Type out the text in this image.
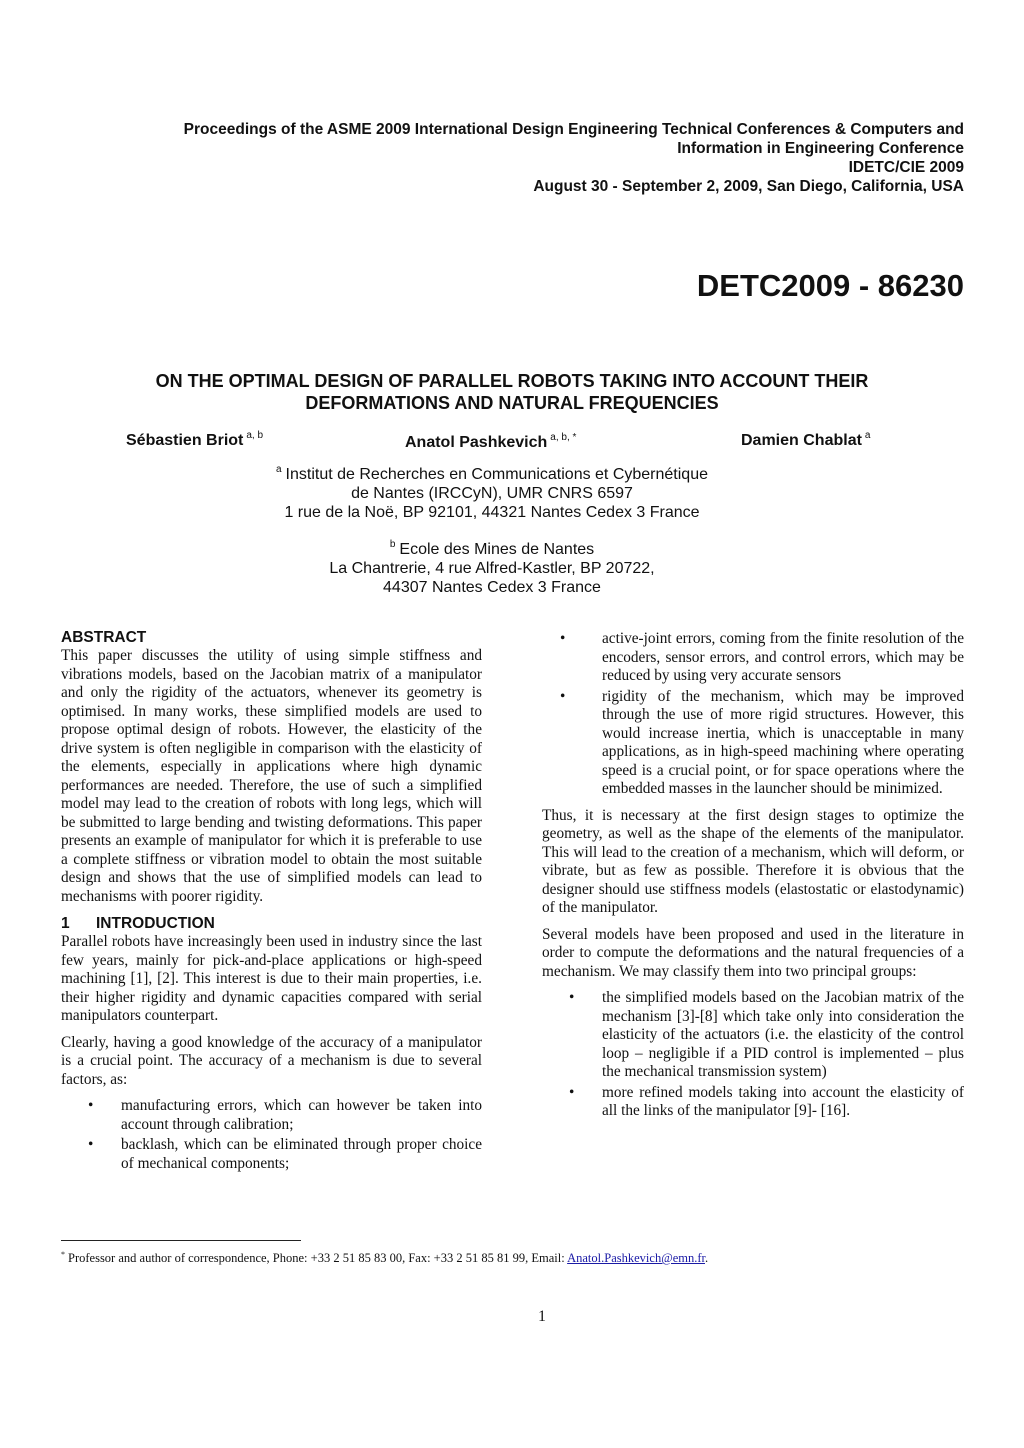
Proceedings of the ASME 2009 International Design Engineering Technical Conferences & Computers and
Information in Engineering Conference
IDETC/CIE 2009
August 30 - September 2, 2009, San Diego, California, USA
DETC2009 - 86230
ON THE OPTIMAL DESIGN OF PARALLEL ROBOTS TAKING INTO ACCOUNT THEIR
DEFORMATIONS AND NATURAL FREQUENCIES
Sébastien Briot $^{a, b}$	Anatol Pashkevich $^{a, b, *}$	Damien Chablat $^a$
$^a$ Institut de Recherches en Communications et Cybernétique
de Nantes (IRCCyN), UMR CNRS 6597
1 rue de la Noë, BP 92101, 44321 Nantes Cedex 3 France
$^b$ Ecole des Mines de Nantes
La Chantrerie, 4 rue Alfred-Kastler, BP 20722,
44307 Nantes Cedex 3 France
ABSTRACT

This paper discusses the utility of using simple stiffness and vibrations models, based on the Jacobian matrix of a manipulator and only the rigidity of the actuators, whenever its geometry is optimised. In many works, these simplified models are used to propose optimal design of robots. However, the elasticity of the drive system is often negligible in comparison with the elasticity of the elements, especially in applications where high dynamic performances are needed. Therefore, the use of such a simplified model may lead to the creation of robots with long legs, which will be submitted to large bending and twisting deformations. This paper presents an example of manipulator for which it is preferable to use a complete stiffness or vibration model to obtain the most suitable design and shows that the use of simplified models can lead to mechanisms with poorer rigidity.

1 INTRODUCTION

Parallel robots have increasingly been used in industry since the last few years, mainly for pick-and-place applications or high-speed machining [1], [2]. This interest is due to their main properties, i.e. their higher rigidity and dynamic capacities compared with serial manipulators counterpart.

Clearly, having a good knowledge of the accuracy of a manipulator is a crucial point. The accuracy of a mechanism is due to several factors, as:

• manufacturing errors, which can however be taken into account through calibration;
• backlash, which can be eliminated through proper choice of mechanical components;
• active-joint errors, coming from the finite resolution of the encoders, sensor errors, and control errors, which may be reduced by using very accurate sensors
• rigidity of the mechanism, which may be improved through the use of more rigid structures. However, this would increase inertia, which is unacceptable in many applications, as in high-speed machining where operating speed is a crucial point, or for space operations where the embedded masses in the launcher should be minimized.

Thus, it is necessary at the first design stages to optimize the geometry, as well as the shape of the elements of the manipulator. This will lead to the creation of a mechanism, which will deform, or vibrate, but as few as possible. Therefore it is obvious that the designer should use stiffness models (elastostatic or elastodynamic) of the manipulator.

Several models have been proposed and used in the literature in order to compute the deformations and the natural frequencies of a mechanism. We may classify them into two principal groups:

• the simplified models based on the Jacobian matrix of the mechanism [3]-[8] which take only into consideration the elasticity of the actuators (i.e. the elasticity of the control loop – negligible if a PID control is implemented – plus the mechanical transmission system)
• more refined models taking into account the elasticity of all the links of the manipulator [9]- [16].
* Professor and author of correspondence, Phone: +33 2 51 85 83 00, Fax: +33 2 51 85 81 99, Email: Anatol.Pashkevich@emn.fr.
1
